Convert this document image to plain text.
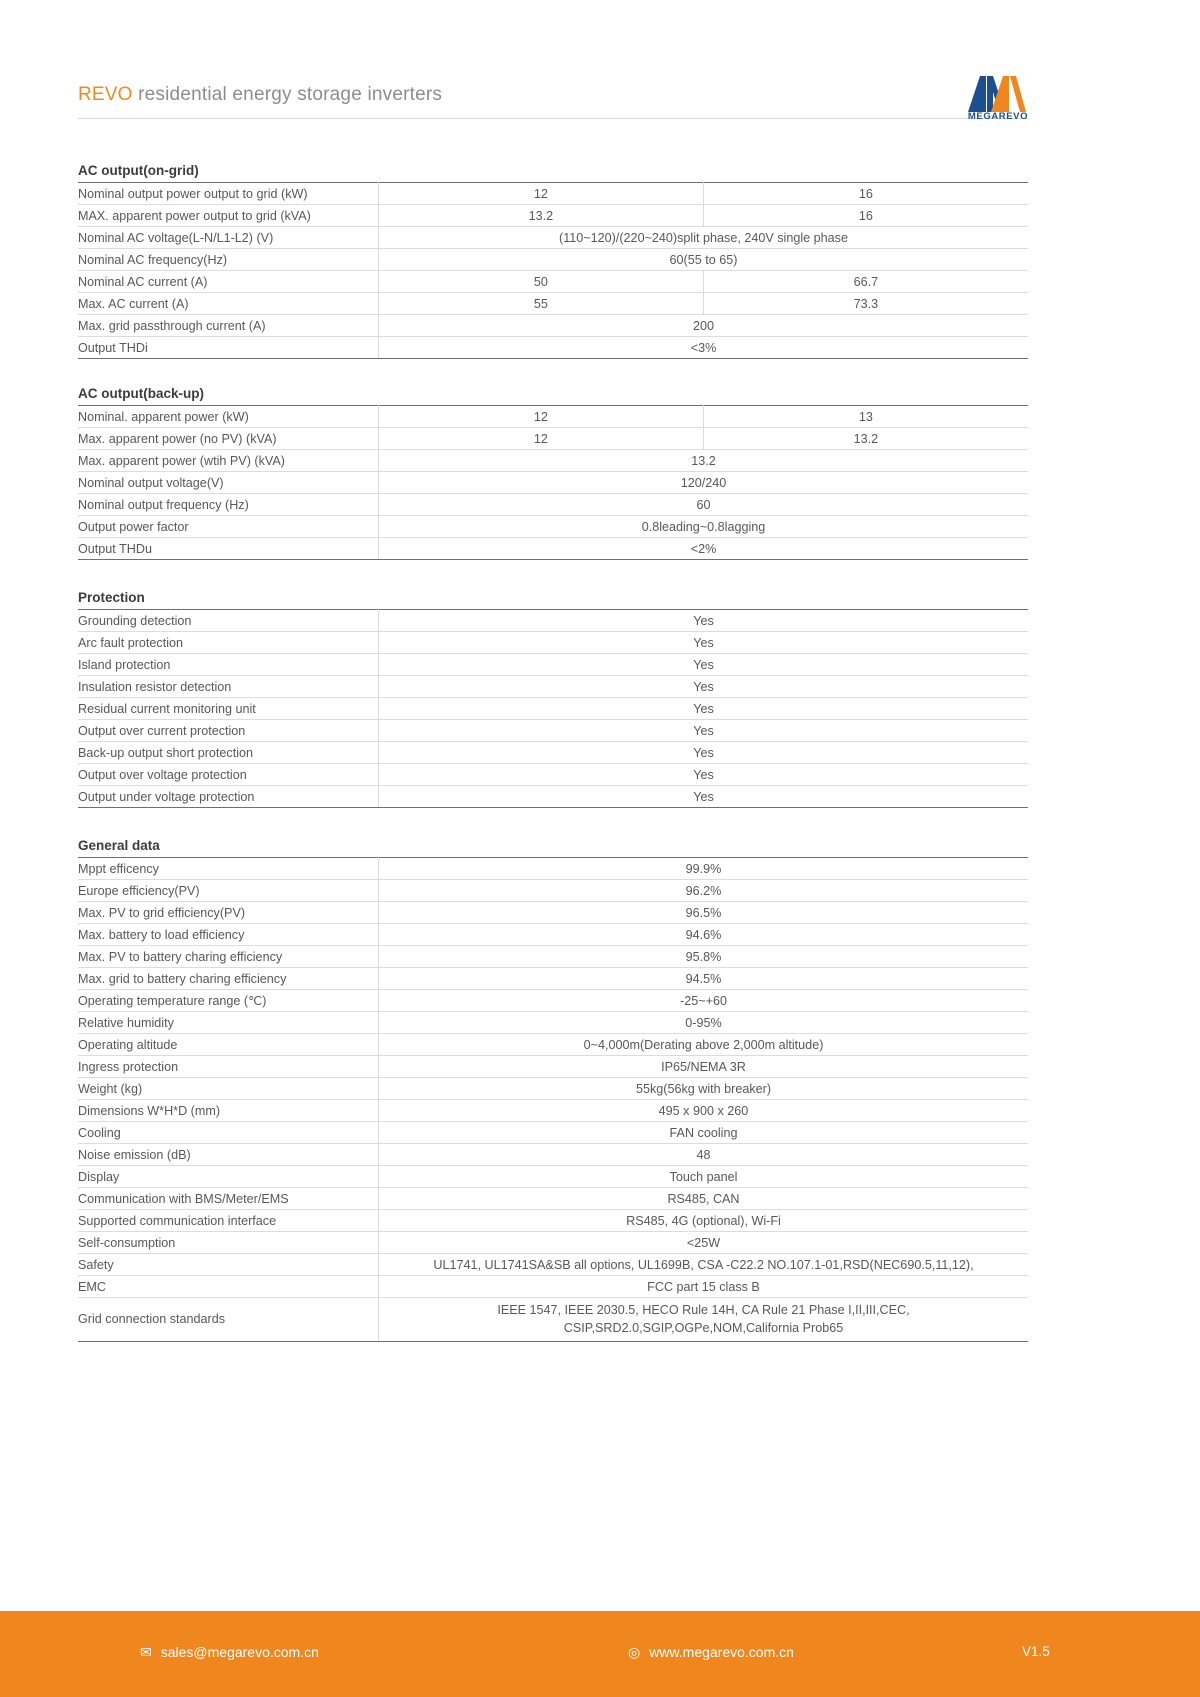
REVO residential energy storage inverters
MEGAREVO
AC output(on-grid)
Nominal output power output to grid (kW)	12	16
MAX. apparent power output to grid (kVA)	13.2	16
Nominal AC voltage(L-N/L1-L2) (V)	(110~120)/(220~240)split phase, 240V single phase	
Nominal AC frequency(Hz)	60(55 to 65)	
Nominal AC current (A)	50	66.7
Max. AC current (A)	55	73.3
Max. grid passthrough current (A)	200	
Output THDi	<3%	
AC output(back-up)
Nominal. apparent power (kW)	12	13
Max. apparent power (no PV) (kVA)	12	13.2
Max. apparent power (wtih PV) (kVA)	13.2	
Nominal output voltage(V)	120/240	
Nominal output frequency (Hz)	60	
Output power factor	0.8leading~0.8lagging	
Output THDu	<2%	
Protection
Grounding detection	Yes
Arc fault protection	Yes
Island protection	Yes
Insulation resistor detection	Yes
Residual current monitoring unit	Yes
Output over current protection	Yes
Back-up output short protection	Yes
Output over voltage protection	Yes
Output under voltage protection	Yes
General data
Mppt efficency	99.9%
Europe efficiency(PV)	96.2%
Max. PV to grid efficiency(PV)	96.5%
Max. battery to load efficiency	94.6%
Max. PV to battery charing efficiency	95.8%
Max. grid to battery charing efficiency	94.5%
Operating temperature range (℃)	-25~+60
Relative humidity	0-95%
Operating altitude	0~4,000m(Derating above 2,000m altitude)
Ingress protection	IP65/NEMA 3R
Weight (kg)	55kg(56kg with breaker)
Dimensions W*H*D (mm)	495 x 900 x 260
Cooling	FAN cooling
Noise emission (dB)	48
Display	Touch panel
Communication with BMS/Meter/EMS	RS485, CAN
Supported communication interface	RS485, 4G (optional), Wi-Fi
Self-consumption	<25W
Safety	UL1741, UL1741SA&SB all options, UL1699B, CSA -C22.2 NO.107.1-01,RSD(NEC690.5,11,12),
EMC	FCC part 15 class B
Grid connection standards	IEEE 1547, IEEE 2030.5, HECO Rule 14H, CA Rule 21 Phase I,II,III,CEC,
CSIP,SRD2.0,SGIP,OGPe,NOM,California Prob65
✉ sales@megarevo.com.cn	◎ www.megarevo.com.cn	V1.5
